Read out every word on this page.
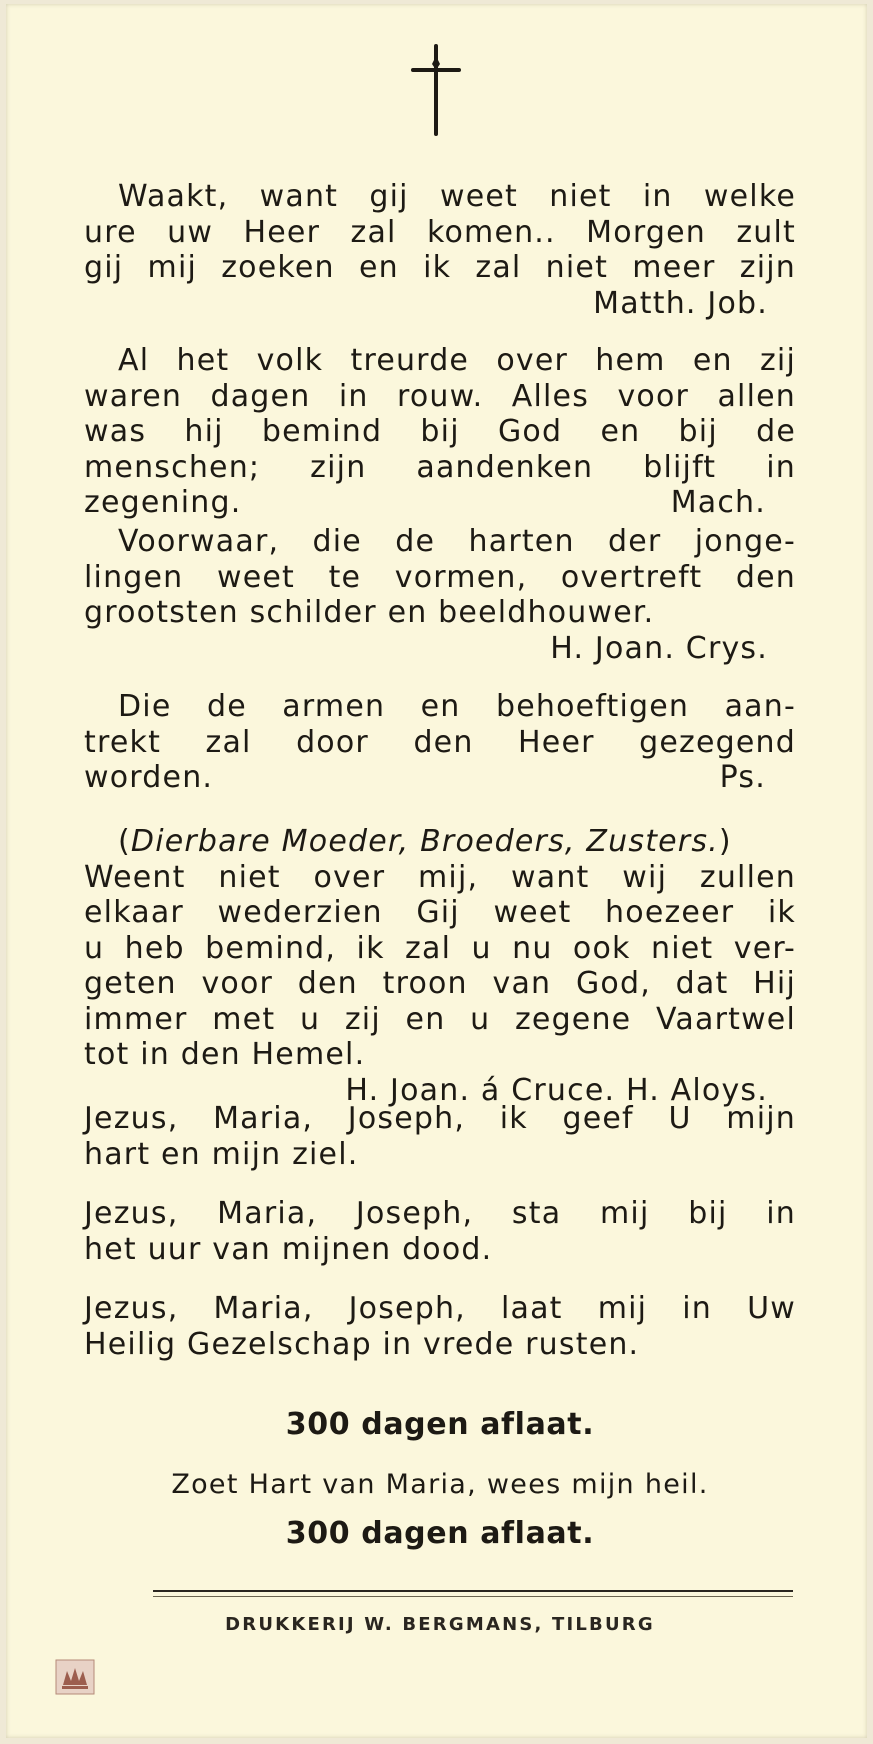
Waakt, want gij weet niet in welke
ure uw Heer zal komen.. Morgen zult
gij mij zoeken en ik zal niet meer zijn
Matth. Job.
Al het volk treurde over hem en zij
waren dagen in rouw. Alles voor allen
was hij bemind bij God en bij de
menschen; zijn aandenken blijft in
zegening.	Mach.
Voorwaar, die de harten der jonge-
lingen weet te vormen, overtreft den
grootsten schilder en beeldhouwer.
H. Joan. Crys.
Die de armen en behoeftigen aan-
trekt zal door den Heer gezegend
worden.	Ps.
(Dierbare Moeder, Broeders, Zusters.)
Weent niet over mij, want wij zullen
elkaar wederzien Gij weet hoezeer ik
u heb bemind, ik zal u nu ook niet ver-
geten voor den troon van God, dat Hij
immer met u zij en u zegene Vaartwel
tot in den Hemel.
H. Joan. á Cruce. H. Aloys.
Jezus, Maria, Joseph, ik geef U mijn
hart en mijn ziel.
Jezus, Maria, Joseph, sta mij bij in
het uur van mijnen dood.
Jezus, Maria, Joseph, laat mij in Uw
Heilig Gezelschap in vrede rusten.
300 dagen aflaat.
Zoet Hart van Maria, wees mijn heil.
300 dagen aflaat.
DRUKKERIJ W. BERGMANS, TILBURG
